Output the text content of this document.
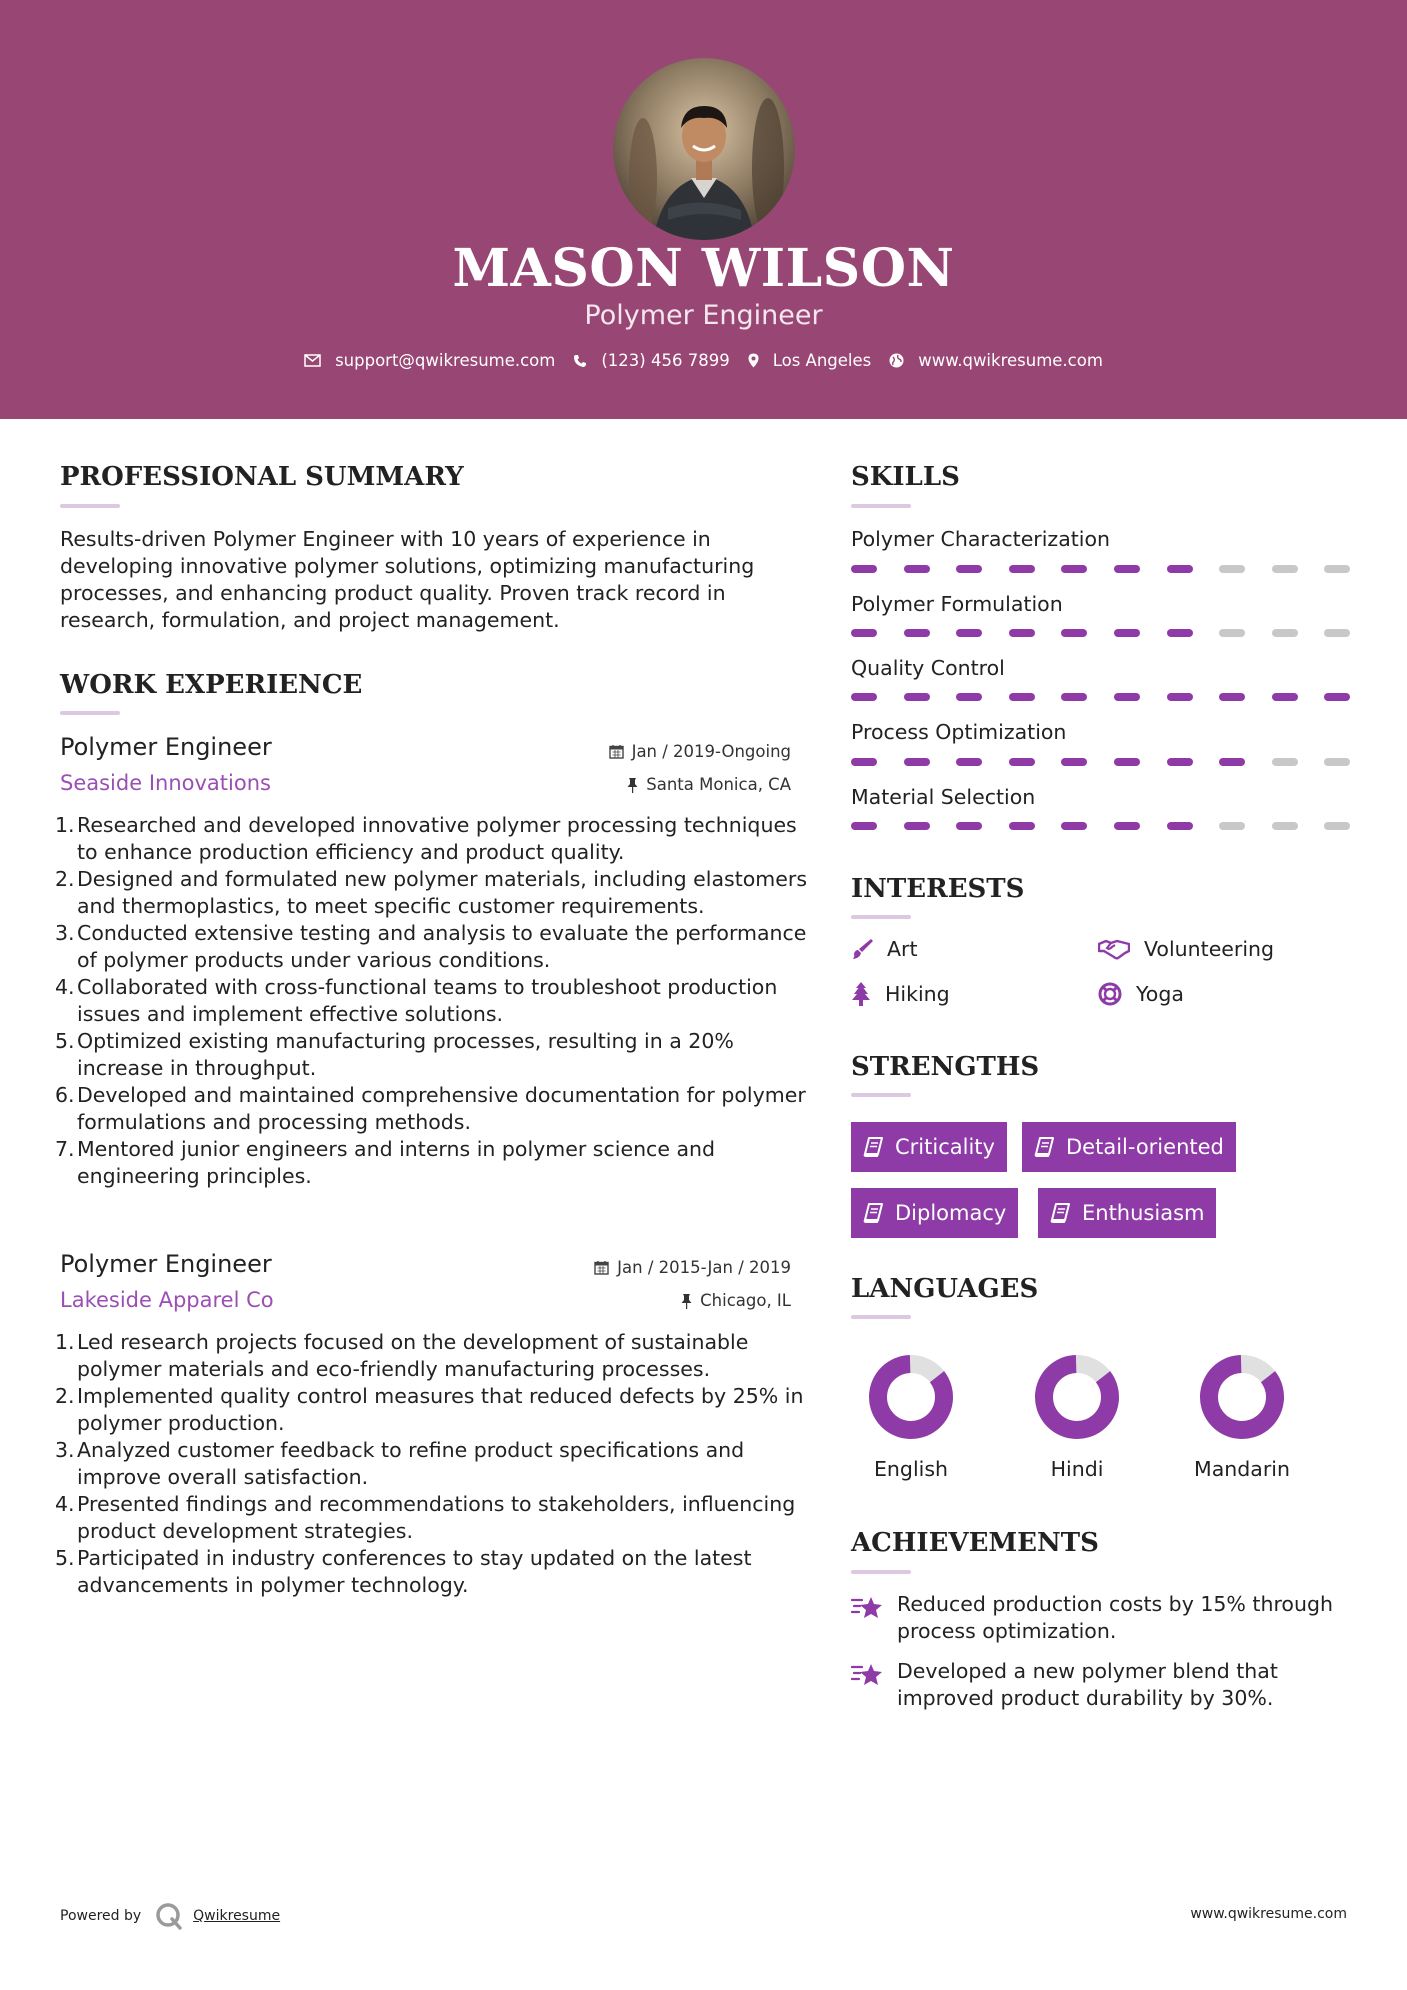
MASON WILSON
Polymer Engineer
support@qwikresume.com	(123) 456 7899	Los Angeles	www.qwikresume.com
PROFESSIONAL SUMMARY
Results-driven Polymer Engineer with 10 years of experience in developing innovative polymer solutions, optimizing manufacturing processes, and enhancing product quality. Proven track record in research, formulation, and project management.
WORK EXPERIENCE
Polymer Engineer	Jan / 2019-Ongoing
Seaside Innovations	Santa Monica, CA
1. Researched and developed innovative polymer processing techniques to enhance production efficiency and product quality.
2. Designed and formulated new polymer materials, including elastomers and thermoplastics, to meet specific customer requirements.
3. Conducted extensive testing and analysis to evaluate the performance of polymer products under various conditions.
4. Collaborated with cross-functional teams to troubleshoot production issues and implement effective solutions.
5. Optimized existing manufacturing processes, resulting in a 20% increase in throughput.
6. Developed and maintained comprehensive documentation for polymer formulations and processing methods.
7. Mentored junior engineers and interns in polymer science and engineering principles.
Polymer Engineer	Jan / 2015-Jan / 2019
Lakeside Apparel Co	Chicago, IL
1. Led research projects focused on the development of sustainable polymer materials and eco-friendly manufacturing processes.
2. Implemented quality control measures that reduced defects by 25% in polymer production.
3. Analyzed customer feedback to refine product specifications and improve overall satisfaction.
4. Presented findings and recommendations to stakeholders, influencing product development strategies.
5. Participated in industry conferences to stay updated on the latest advancements in polymer technology.
SKILLS
Polymer Characterization
Polymer Formulation
Quality Control
Process Optimization
Material Selection
INTERESTS
Art	Volunteering
Hiking	Yoga
STRENGTHS
Criticality	Detail-oriented
Diplomacy	Enthusiasm
LANGUAGES
English	Hindi	Mandarin
ACHIEVEMENTS
Reduced production costs by 15% through process optimization.
Developed a new polymer blend that improved product durability by 30%.
Powered by	Qwikresume	www.qwikresume.com
